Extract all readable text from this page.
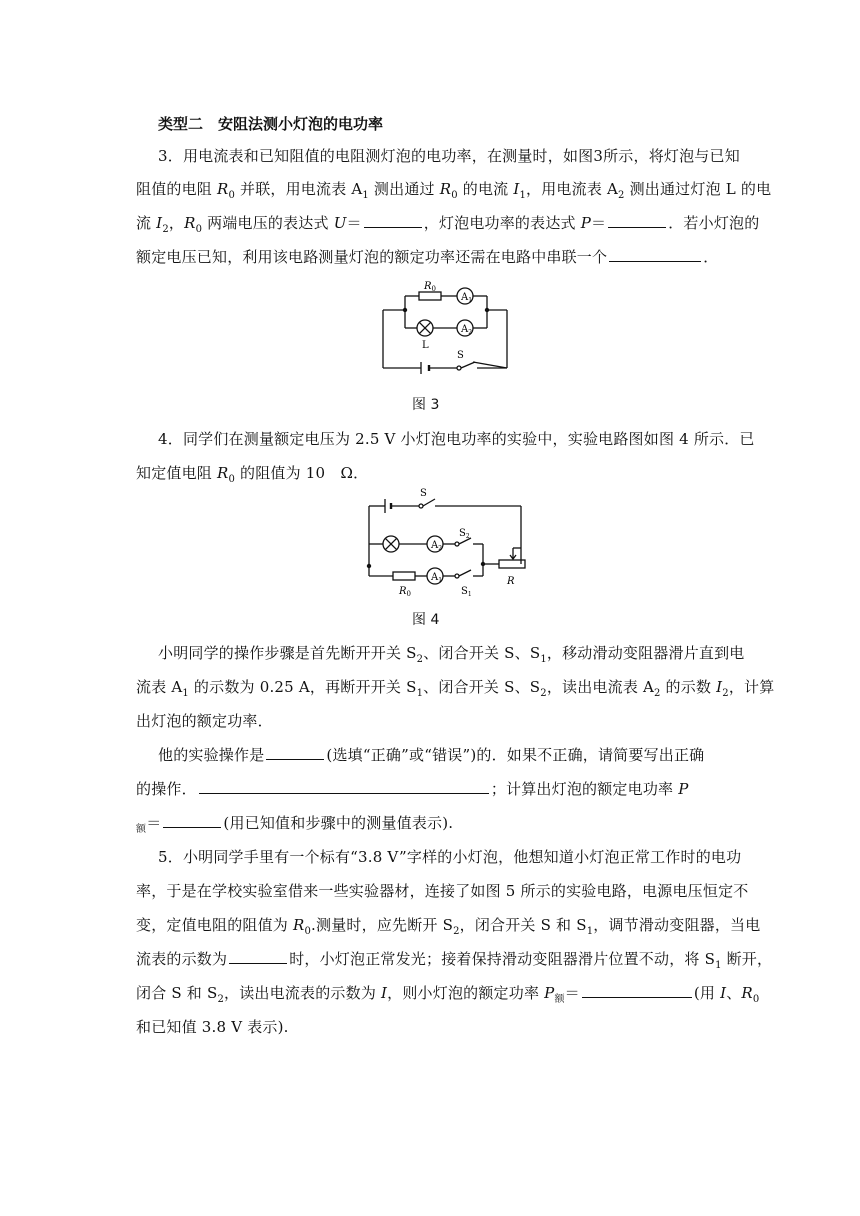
类型二　安阻法测小灯泡的电功率
3．用电流表和已知阻值的电阻测灯泡的电功率，在测量时，如图3所示，将灯泡与已知
阻值的电阻 $R_0$ 并联，用电流表 $A_1$ 测出通过 $R_0$ 的电流 $I_1$，用电流表 $A_2$ 测出通过灯泡 L 的电
流 $I_2$，$R_0$ 两端电压的表达式 U＝	，灯泡电功率的表达式 P＝	．若小灯泡的
额定电压已知，利用该电路测量灯泡的额定功率还需在电路中串联一个	．
$R_0$
$A_1$
$A_2$
L
S
图 3
4．同学们在测量额定电压为 2.5 V 小灯泡电功率的实验中，实验电路图如图 4 所示．已
知定值电阻 $R_0$ 的阻值为 10　Ω．
S
$S_2$
$S_1$
$A_2$
$A_1$
$R_0$
R
图 4
小明同学的操作步骤是首先断开开关 $S_2$、闭合开关 S、$S_1$，移动滑动变阻器滑片直到电
流表 $A_1$ 的示数为 0.25 A，再断开开关 $S_1$、闭合开关 S、$S_2$，读出电流表 $A_2$ 的示数 $I_2$，计算
出灯泡的额定功率．
他的实验操作是	(选填“正确”或“错误”)的．如果不正确，请简要写出正确
的操作．	；计算出灯泡的额定电功率 P
$_额$＝	(用已知值和步骤中的测量值表示).
5．小明同学手里有一个标有“3.8 V”字样的小灯泡，他想知道小灯泡正常工作时的电功
率，于是在学校实验室借来一些实验器材，连接了如图 5 所示的实验电路，电源电压恒定不
变，定值电阻的阻值为 $R_0$.测量时，应先断开 $S_2$，闭合开关 S 和 $S_1$，调节滑动变阻器，当电
流表的示数为	时，小灯泡正常发光；接着保持滑动变阻器滑片位置不动，将 $S_1$ 断开，
闭合 S 和 $S_2$，读出电流表的示数为 I，则小灯泡的额定功率 $P_额=$	(用 I、$R_0$
和已知值 3.8 V 表示).
